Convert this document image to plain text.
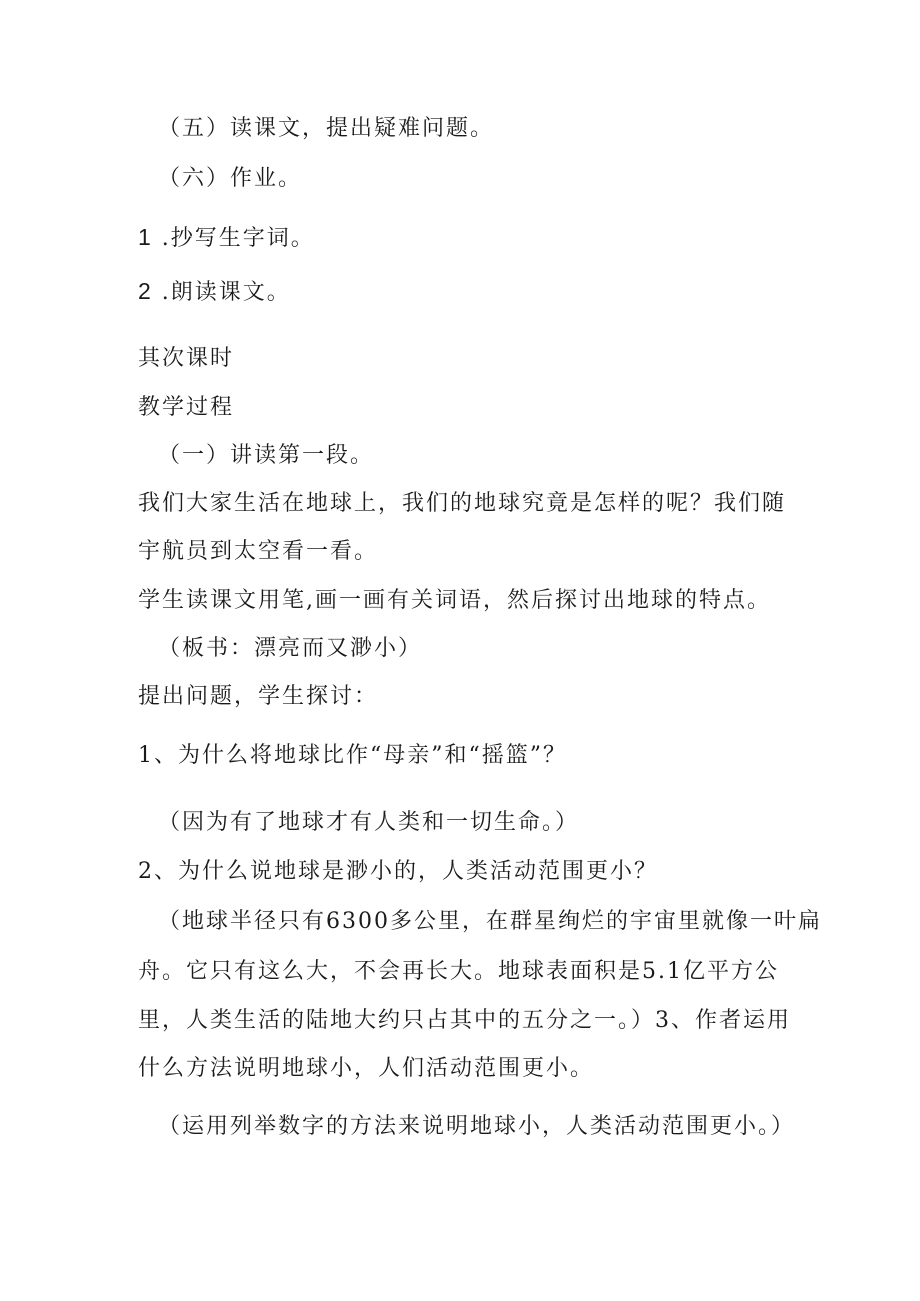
（五）读课文，提出疑难问题。
（六）作业。
1 .抄写生字词。
2 .朗读课文。
其次课时
教学过程
（一）讲读第一段。
我们大家生活在地球上，我们的地球究竟是怎样的呢？我们随
宇航员到太空看一看。
学生读课文用笔,画一画有关词语，然后探讨出地球的特点。
（板书：漂亮而又渺小）
提出问题，学生探讨：
1、为什么将地球比作“母亲”和“摇篮”？
（因为有了地球才有人类和一切生命。）
2、为什么说地球是渺小的，人类活动范围更小？
（地球半径只有6300多公里，在群星绚烂的宇宙里就像一叶扁
舟。它只有这么大，不会再长大。地球表面积是5.1亿平方公
里，人类生活的陆地大约只占其中的五分之一。）3、作者运用
什么方法说明地球小，人们活动范围更小。
（运用列举数字的方法来说明地球小，人类活动范围更小。）
